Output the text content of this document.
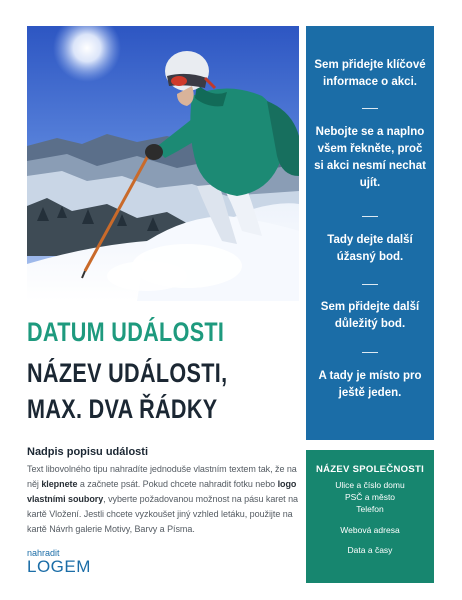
Sem přidejte klíčové informace o akci.
Nebojte se a naplno všem řekněte, proč si akci nesmí nechat ujít.
Tady dejte další úžasný bod.
Sem přidejte další důležitý bod.
A tady je místo pro ještě jeden.
DATUM UDÁLOSTI
NÁZEV UDÁLOSTI,
MAX. DVA ŘÁDKY
Nadpis popisu události
Text libovolného tipu nahradíte jednoduše vlastním textem tak, že na něj klepnete a začnete psát. Pokud chcete nahradit fotku nebo logo vlastními soubory, vyberte požadovanou možnost na pásu karet na kartě Vložení. Jestli chcete vyzkoušet jiný vzhled letáku, použijte na kartě Návrh galerie Motivy, Barvy a Písma.
nahradit
LOGEM
NÁZEV SPOLEČNOSTI
Ulice a číslo domu
PSČ a město
Telefon
Webová adresa
Data a časy
